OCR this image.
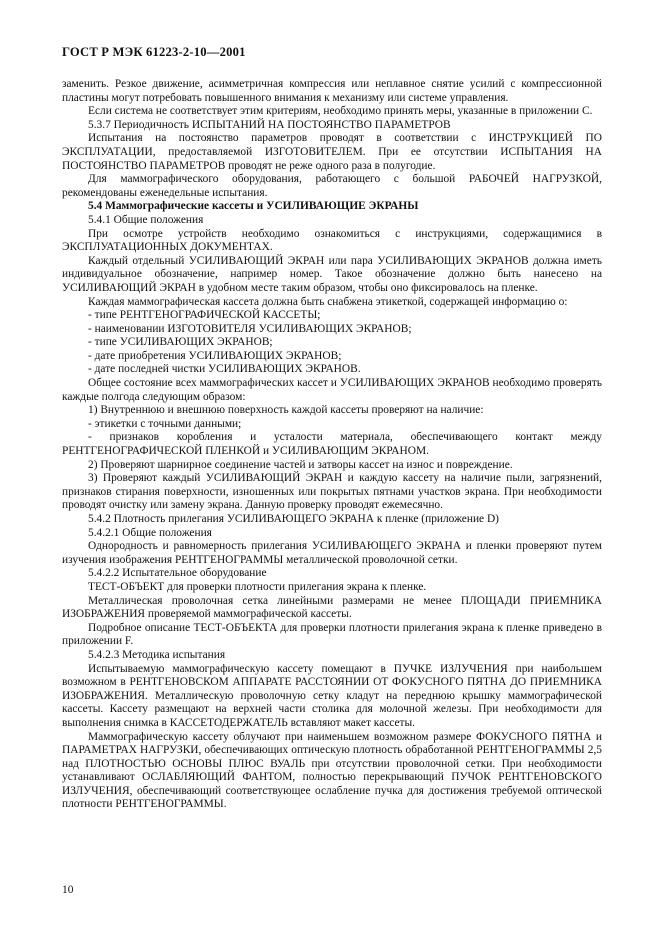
ГОСТ Р МЭК 61223-2-10—2001

заменить. Резкое движение, асимметричная компрессия или неплавное снятие усилий с компрессионной пластины могут потребовать повышенного внимания к механизму или системе управления.

Если система не соответствует этим критериям, необходимо принять меры, указанные в приложении С.

5.3.7 Периодичность ИСПЫТАНИЙ НА ПОСТОЯНСТВО ПАРАМЕТРОВ

Испытания на постоянство параметров проводят в соответствии с ИНСТРУКЦИЕЙ ПО ЭКСПЛУАТАЦИИ, предоставляемой ИЗГОТОВИТЕЛЕМ. При ее отсутствии ИСПЫТАНИЯ НА ПОСТОЯНСТВО ПАРАМЕТРОВ проводят не реже одного раза в полугодие.

Для маммографического оборудования, работающего с большой РАБОЧЕЙ НАГРУЗКОЙ, рекомендованы еженедельные испытания.

5.4 Маммографические кассеты и УСИЛИВАЮЩИЕ ЭКРАНЫ

5.4.1 Общие положения

При осмотре устройств необходимо ознакомиться с инструкциями, содержащимися в ЭКСПЛУАТАЦИОННЫХ ДОКУМЕНТАХ.

Каждый отдельный УСИЛИВАЮЩИЙ ЭКРАН или пара УСИЛИВАЮЩИХ ЭКРАНОВ должна иметь индивидуальное обозначение, например номер. Такое обозначение должно быть нанесено на УСИЛИВАЮЩИЙ ЭКРАН в удобном месте таким образом, чтобы оно фиксировалось на пленке.

Каждая маммографическая кассета должна быть снабжена этикеткой, содержащей информацию о:

- типе РЕНТГЕНОГРАФИЧЕСКОЙ КАССЕТЫ;

- наименовании ИЗГОТОВИТЕЛЯ УСИЛИВАЮЩИХ ЭКРАНОВ;

- типе УСИЛИВАЮЩИХ ЭКРАНОВ;

- дате приобретения УСИЛИВАЮЩИХ ЭКРАНОВ;

- дате последней чистки УСИЛИВАЮЩИХ ЭКРАНОВ.

Общее состояние всех маммографических кассет и УСИЛИВАЮЩИХ ЭКРАНОВ необходимо проверять каждые полгода следующим образом:

1) Внутреннюю и внешнюю поверхность каждой кассеты проверяют на наличие:

- этикетки с точными данными;

- признаков коробления и усталости материала, обеспечивающего контакт между РЕНТГЕНОГРАФИЧЕСКОЙ ПЛЕНКОЙ и УСИЛИВАЮЩИМ ЭКРАНОМ.

2) Проверяют шарнирное соединение частей и затворы кассет на износ и повреждение.

3) Проверяют каждый УСИЛИВАЮЩИЙ ЭКРАН и каждую кассету на наличие пыли, загрязнений, признаков стирания поверхности, изношенных или покрытых пятнами участков экрана. При необходимости проводят очистку или замену экрана. Данную проверку проводят ежемесячно.

5.4.2 Плотность прилегания УСИЛИВАЮЩЕГО ЭКРАНА к пленке (приложение D)

5.4.2.1 Общие положения

Однородность и равномерность прилегания УСИЛИВАЮЩЕГО ЭКРАНА и пленки проверяют путем изучения изображения РЕНТГЕНОГРАММЫ металлической проволочной сетки.

5.4.2.2 Испытательное оборудование

ТЕСТ-ОБЪЕКТ для проверки плотности прилегания экрана к пленке.

Металлическая проволочная сетка линейными размерами не менее ПЛОЩАДИ ПРИЕМНИКА ИЗОБРАЖЕНИЯ проверяемой маммографической кассеты.

Подробное описание ТЕСТ-ОБЪЕКТА для проверки плотности прилегания экрана к пленке приведено в приложении F.

5.4.2.3 Методика испытания

Испытываемую маммографическую кассету помещают в ПУЧКЕ ИЗЛУЧЕНИЯ при наибольшем возможном в РЕНТГЕНОВСКОМ АППАРАТЕ РАССТОЯНИИ ОТ ФОКУСНОГО ПЯТНА ДО ПРИЕМНИКА ИЗОБРАЖЕНИЯ. Металлическую проволочную сетку кладут на переднюю крышку маммографической кассеты. Кассету размещают на верхней части столика для молочной железы. При необходимости для выполнения снимка в КАССЕТОДЕРЖАТЕЛЬ вставляют макет кассеты.

Маммографическую кассету облучают при наименьшем возможном размере ФОКУСНОГО ПЯТНА и ПАРАМЕТРАХ НАГРУЗКИ, обеспечивающих оптическую плотность обработанной РЕНТГЕНОГРАММЫ 2,5 над ПЛОТНОСТЬЮ ОСНОВЫ ПЛЮС ВУАЛЬ при отсутствии проволочной сетки. При необходимости устанавливают ОСЛАБЛЯЮЩИЙ ФАНТОМ, полностью перекрывающий ПУЧОК РЕНТГЕНОВСКОГО ИЗЛУЧЕНИЯ, обеспечивающий соответствующее ослабление пучка для достижения требуемой оптической плотности РЕНТГЕНОГРАММЫ.

10
